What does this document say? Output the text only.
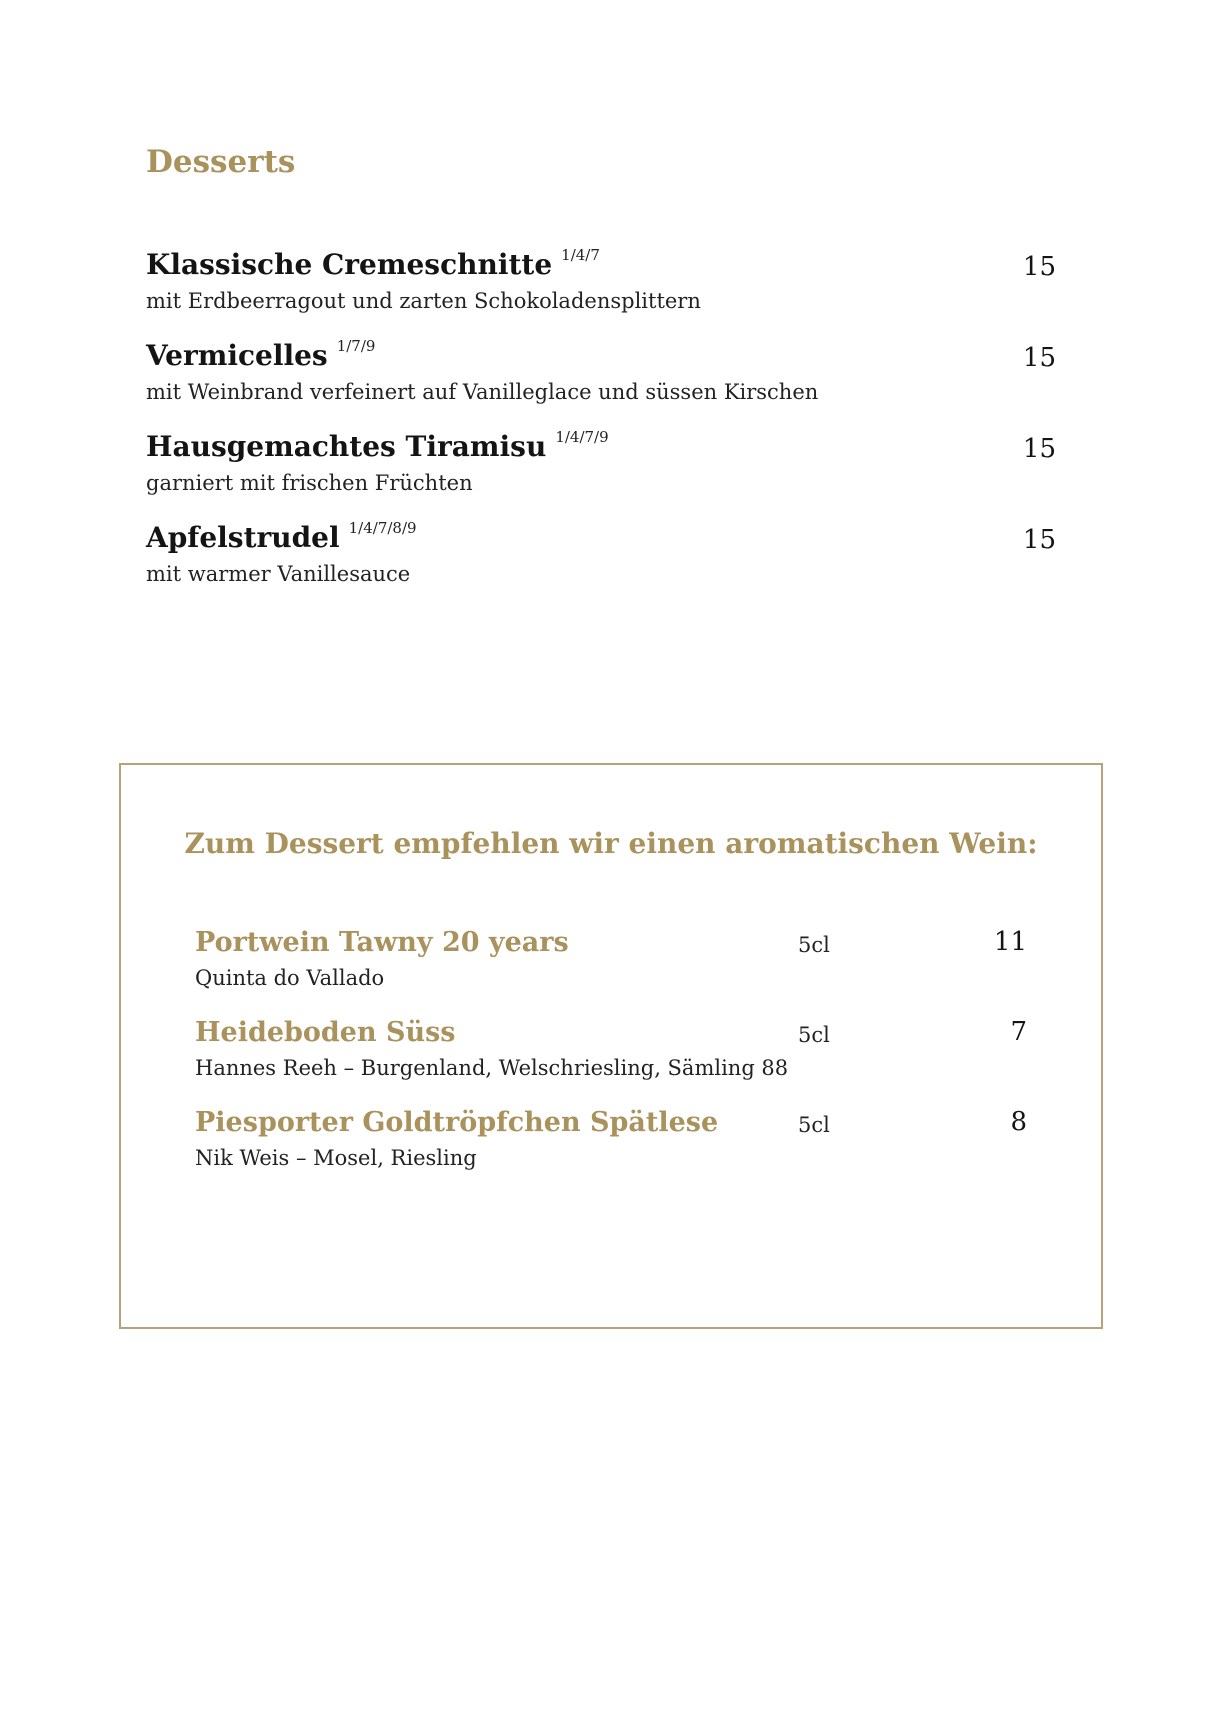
Desserts
Klassische Cremeschnitte 1/4/7
mit Erdbeerragout und zarten Schokoladensplittern
15
Vermicelles 1/7/9
mit Weinbrand verfeinert auf Vanilleglace und süssen Kirschen
15
Hausgemachtes Tiramisu 1/4/7/9
garniert mit frischen Früchten
15
Apfelstrudel 1/4/7/8/9
mit warmer Vanillesauce
15
Zum Dessert empfehlen wir einen aromatischen Wein:
Portwein Tawny 20 years
Quinta do Vallado
5cl	11
Heideboden Süss
Hannes Reeh – Burgenland, Welschriesling, Sämling 88
5cl	7
Piesporter Goldtröpfchen Spätlese
Nik Weis – Mosel, Riesling
5cl	8
